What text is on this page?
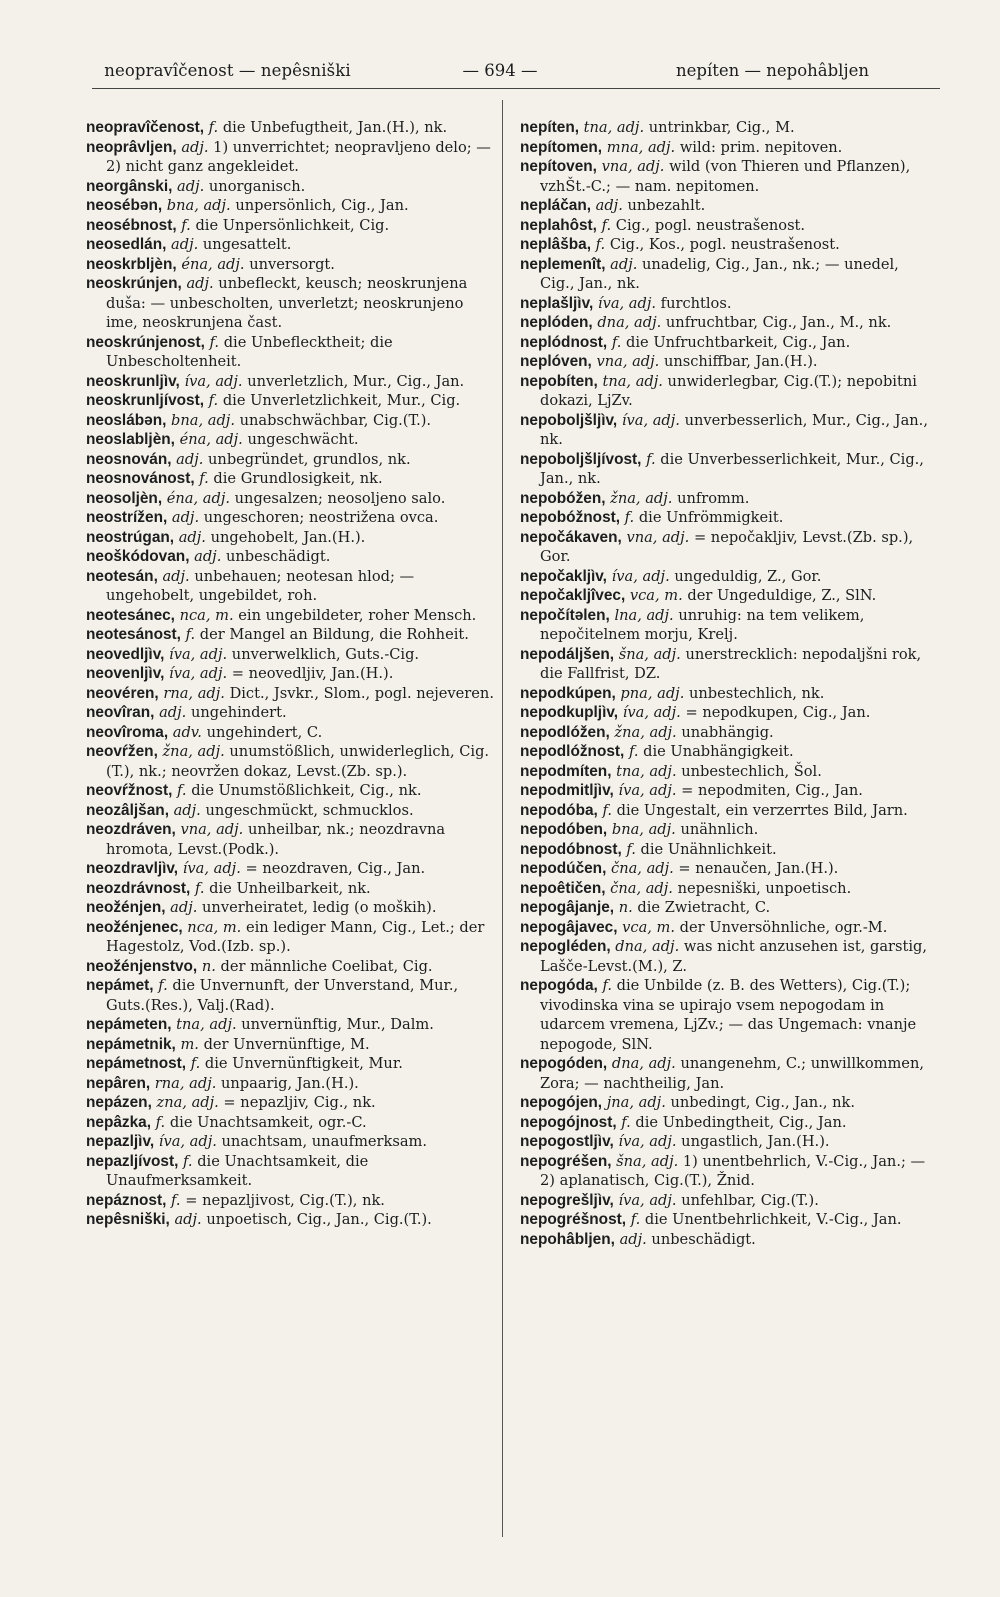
neopravîčenost — nepêsniški	— 694 —	nepíten — nepohâbljen

neopravîčenost, f. die Unbefugtheit, Jan.(H.), nk.

neoprâvljen, adj. 1) unverrichtet; neopravljeno delo; — 2) nicht ganz angekleidet.

neorgânski, adj. unorganisch.

neosébən, bna, adj. unpersönlich, Cig., Jan.

neosébnost, f. die Unpersönlichkeit, Cig.

neosedlán, adj. ungesattelt.

neoskrbljèn, éna, adj. unversorgt.

neoskrúnjen, adj. unbefleckt, keusch; neoskrunjena duša: — unbescholten, unverletzt; neoskrunjeno ime, neoskrunjena čast.

neoskrúnjenost, f. die Unbeflecktheit; die Unbescholtenheit.

neoskrunljìv, íva, adj. unverletzlich, Mur., Cig., Jan.

neoskrunljívost, f. die Unverletzlichkeit, Mur., Cig.

neoslábən, bna, adj. unabschwächbar, Cig.(T.).

neoslabljèn, éna, adj. ungeschwächt.

neosnován, adj. unbegründet, grundlos, nk.

neosnovánost, f. die Grundlosigkeit, nk.

neosoljèn, éna, adj. ungesalzen; neosoljeno salo.

neostrížen, adj. ungeschoren; neostrižena ovca.

neostrúgan, adj. ungehobelt, Jan.(H.).

neoškódovan, adj. unbeschädigt.

neotesán, adj. unbehauen; neotesan hlod; — ungehobelt, ungebildet, roh.

neotesánec, nca, m. ein ungebildeter, roher Mensch.

neotesánost, f. der Mangel an Bildung, die Rohheit.

neovedljìv, íva, adj. unverwelklich, Guts.-Cig.

neovenljìv, íva, adj. = neovedljiv, Jan.(H.).

neovéren, rna, adj. Dict., Jsvkr., Slom., pogl. nejeveren.

neovîran, adj. ungehindert.

neovîroma, adv. ungehindert, C.

neovŕžen, žna, adj. unumstößlich, unwiderleglich, Cig.(T.), nk.; neovržen dokaz, Levst.(Zb. sp.).

neovŕžnost, f. die Unumstößlichkeit, Cig., nk.

neozâljšan, adj. ungeschmückt, schmucklos.

neozdráven, vna, adj. unheilbar, nk.; neozdravna hromota, Levst.(Podk.).

neozdravljìv, íva, adj. = neozdraven, Cig., Jan.

neozdrávnost, f. die Unheilbarkeit, nk.

neožénjen, adj. unverheiratet, ledig (o moških).

neožénjenec, nca, m. ein lediger Mann, Cig., Let.; der Hagestolz, Vod.(Izb. sp.).

neožénjenstvo, n. der männliche Coelibat, Cig.

nepámet, f. die Unvernunft, der Unverstand, Mur., Guts.(Res.), Valj.(Rad).

nepámeten, tna, adj. unvernünftig, Mur., Dalm.

nepámetnik, m. der Unvernünftige, M.

nepámetnost, f. die Unvernünftigkeit, Mur.

nepâren, rna, adj. unpaarig, Jan.(H.).

nepázen, zna, adj. = nepazljiv, Cig., nk.

nepâzka, f. die Unachtsamkeit, ogr.-C.

nepazljìv, íva, adj. unachtsam, unaufmerksam.

nepazljívost, f. die Unachtsamkeit, die Unaufmerksamkeit.

nepáznost, f. = nepazljivost, Cig.(T.), nk.

nepêsniški, adj. unpoetisch, Cig., Jan., Cig.(T.).

nepíten, tna, adj. untrinkbar, Cig., M.

nepítomen, mna, adj. wild: prim. nepitoven.

nepítoven, vna, adj. wild (von Thieren und Pflanzen), vzhŠt.-C.; — nam. nepitomen.

nepláčan, adj. unbezahlt.

neplahôst, f. Cig., pogl. neustrašenost.

neplâšba, f. Cig., Kos., pogl. neustrašenost.

neplemenît, adj. unadelig, Cig., Jan., nk.; — unedel, Cig., Jan., nk.

neplašljìv, íva, adj. furchtlos.

neplóden, dna, adj. unfruchtbar, Cig., Jan., M., nk.

neplódnost, f. die Unfruchtbarkeit, Cig., Jan.

neplóven, vna, adj. unschiffbar, Jan.(H.).

nepobíten, tna, adj. unwiderlegbar, Cig.(T.); nepobitni dokazi, LjZv.

nepoboljšljìv, íva, adj. unverbesserlich, Mur., Cig., Jan., nk.

nepoboljšljívost, f. die Unverbesserlichkeit, Mur., Cig., Jan., nk.

nepobóžen, žna, adj. unfromm.

nepobóžnost, f. die Unfrömmigkeit.

nepočákaven, vna, adj. = nepočakljiv, Levst.(Zb. sp.), Gor.

nepočakljìv, íva, adj. ungeduldig, Z., Gor.

nepočakljîvec, vca, m. der Ungeduldige, Z., SlN.

nepočítəlen, lna, adj. unruhig: na tem velikem, nepočitelnem morju, Krelj.

nepodáljšen, šna, adj. unerstrecklich: nepodaljšni rok, die Fallfrist, DZ.

nepodkúpen, pna, adj. unbestechlich, nk.

nepodkupljìv, íva, adj. = nepodkupen, Cig., Jan.

nepodlóžen, žna, adj. unabhängig.

nepodlóžnost, f. die Unabhängigkeit.

nepodmíten, tna, adj. unbestechlich, Šol.

nepodmitljìv, íva, adj. = nepodmiten, Cig., Jan.

nepodóba, f. die Ungestalt, ein verzerrtes Bild, Jarn.

nepodóben, bna, adj. unähnlich.

nepodóbnost, f. die Unähnlichkeit.

nepodúčen, čna, adj. = nenaučen, Jan.(H.).

nepoêtičen, čna, adj. nepesniški, unpoetisch.

nepogâjanje, n. die Zwietracht, C.

nepogâjavec, vca, m. der Unversöhnliche, ogr.-M.

nepogléden, dna, adj. was nicht anzusehen ist, garstig, Lašče-Levst.(M.), Z.

nepogóda, f. die Unbilde (z. B. des Wetters), Cig.(T.); vivodinska vina se upirajo vsem nepogodam in udarcem vremena, LjZv.; — das Ungemach: vnanje nepogode, SlN.

nepogóden, dna, adj. unangenehm, C.; unwillkommen, Zora; — nachtheilig, Jan.

nepogójen, jna, adj. unbedingt, Cig., Jan., nk.

nepogójnost, f. die Unbedingtheit, Cig., Jan.

nepogostljìv, íva, adj. ungastlich, Jan.(H.).

nepogréšen, šna, adj. 1) unentbehrlich, V.-Cig., Jan.; — 2) aplanatisch, Cig.(T.), Žnid.

nepogrešljìv, íva, adj. unfehlbar, Cig.(T.).

nepogréšnost, f. die Unentbehrlichkeit, V.-Cig., Jan.

nepohâbljen, adj. unbeschädigt.
